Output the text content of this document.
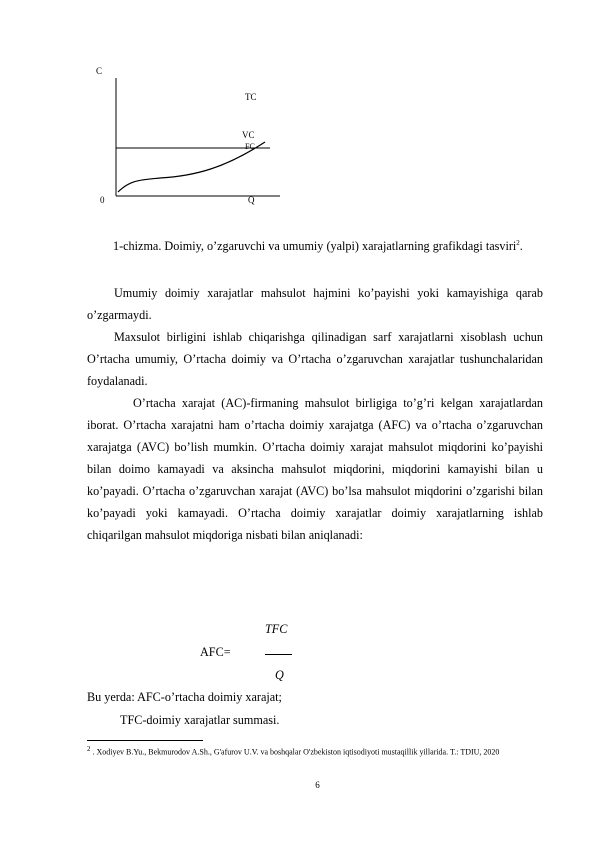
C
0	Q
TC
VC
FC
1-chizma. Doimiy, o’zgaruvchi va umumiy (yalpi) xarajatlarning grafikdagi tasviri$^2$.
Umumiy doimiy xarajatlar mahsulot hajmini ko’payishi yoki kamayishiga qarab o’zgarmaydi.
Maxsulot birligini ishlab chiqarishga qilinadigan sarf xarajatlarni xisoblash uchun O’rtacha umumiy, O’rtacha doimiy va O’rtacha o’zgaruvchan xarajatlar tushunchalaridan foydalanadi.
O’rtacha xarajat (AC)-firmaning mahsulot birligiga to’g’ri kelgan xarajatlardan iborat. O’rtacha xarajatni ham o’rtacha doimiy xarajatga (AFC) va o’rtacha o’zgaruvchan xarajatga (AVC) bo’lish mumkin. O’rtacha doimiy xarajat mahsulot miqdorini ko’payishi bilan doimo kamayadi va aksincha mahsulot miqdorini, miqdorini kamayishi bilan u ko’payadi. O’rtacha o’zgaruvchan xarajat (AVC) bo’lsa mahsulot miqdorini o’zgarishi bilan ko’payadi yoki kamayadi. O’rtacha doimiy xarajatlar doimiy xarajatlarning ishlab chiqarilgan mahsulot miqdoriga nisbati bilan aniqlanadi:
TFC
AFC=
Q
Bu yerda: AFC-o’rtacha doimiy xarajat;
TFC-doimiy xarajatlar summasi.
$^2$ . Xodiyev B.Yu., Bekmurodov A.Sh., G'afurov U.V. va boshqalar O'zbekiston iqtisodiyoti mustaqillik yillarida. T.: TDIU, 2020
6
